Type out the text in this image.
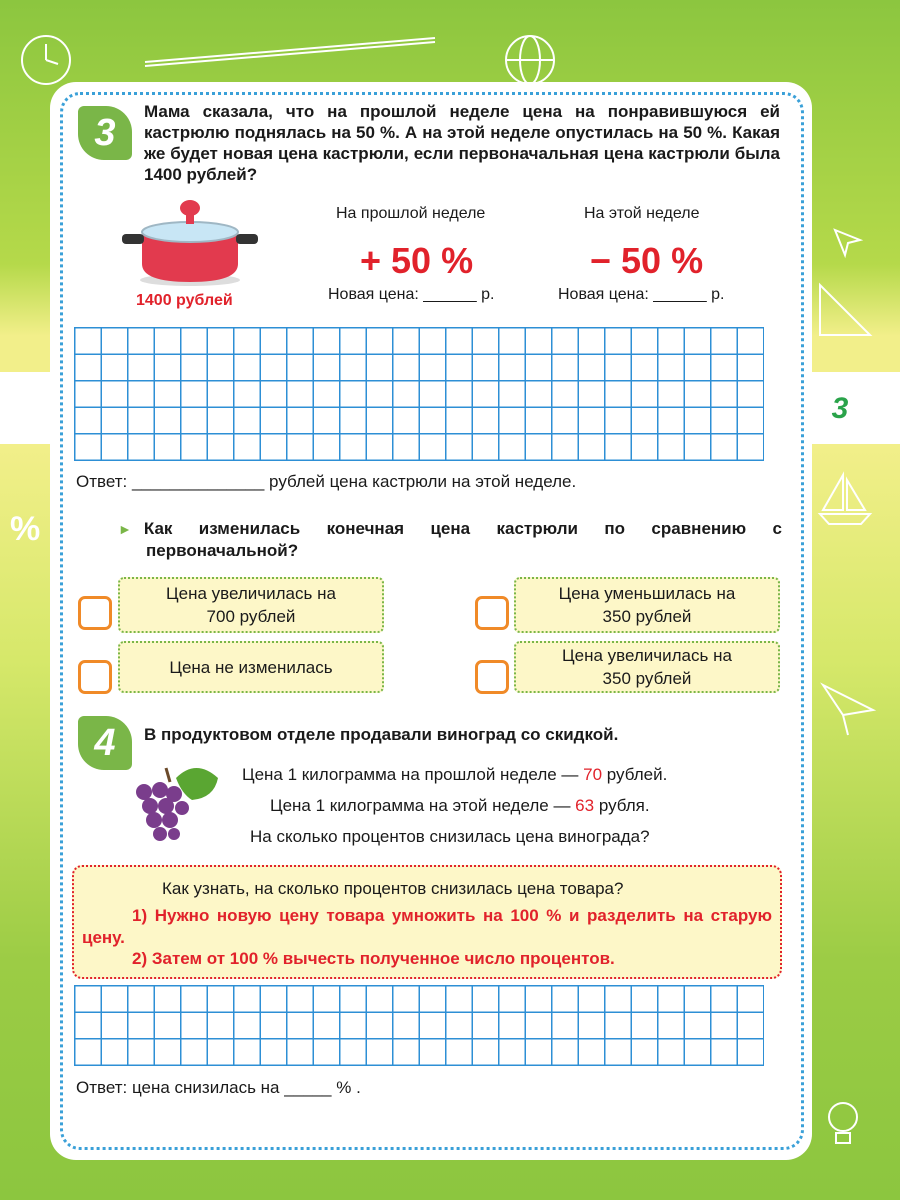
%
3
3
Мама сказала, что на прошлой неделе цена на понравившуюся ей кастрюлю поднялась на 50 %. А на этой неделе опустилась на 50 %. Какая же будет новая цена кастрюли, если первоначальная цена кастрюли была 1400 рублей?
1400 рублей
На прошлой неделе
+ 50 %
Новая цена: ______ р.
На этой неделе
− 50 %
Новая цена: ______ р.
Ответ: ______________ рублей цена кастрюли на этой неделе.
► Как изменилась конечная цена кастрюли по сравнению с первоначальной?
Цена увеличилась на 700 рублей
Цена уменьшилась на 350 рублей
Цена не изменилась
Цена увеличилась на 350 рублей
4	В продуктовом отделе продавали виноград со скидкой.
Цена 1 килограмма на прошлой неделе — 70 рублей.
Цена 1 килограмма на этой неделе — 63 рубля.
На сколько процентов снизилась цена винограда?
Как узнать, на сколько процентов снизилась цена товара?
1) Нужно новую цену товара умножить на 100 % и разделить на старую цену.
2) Затем от 100 % вычесть полученное число процентов.
Ответ: цена снизилась на _____ % .
